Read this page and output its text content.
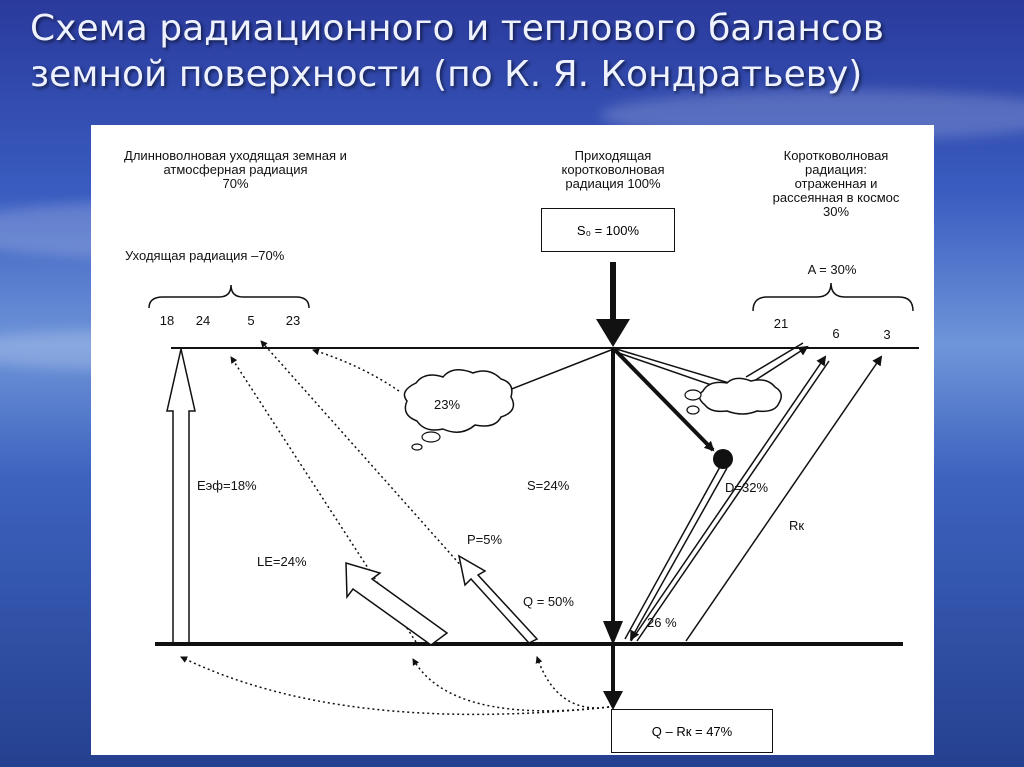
Схема радиационного и теплового балансов
земной поверхности (по К. Я. Кондратьеву)
Длинноволновая уходящая земная и
атмосферная радиация
70%
Приходящая
коротковолновая
радиация 100%
Коротковолновая
радиация:
отраженная и
рассеянная в космос
30%
Уходящая радиация –70%
18	24	5	23
S₀ = 100%
A = 30%
21
6	3
23%
Eэф=18%	S=24%	D=32%
Rк
LE=24%
P=5%
Q = 50%
26 %
Q – Rк = 47%
